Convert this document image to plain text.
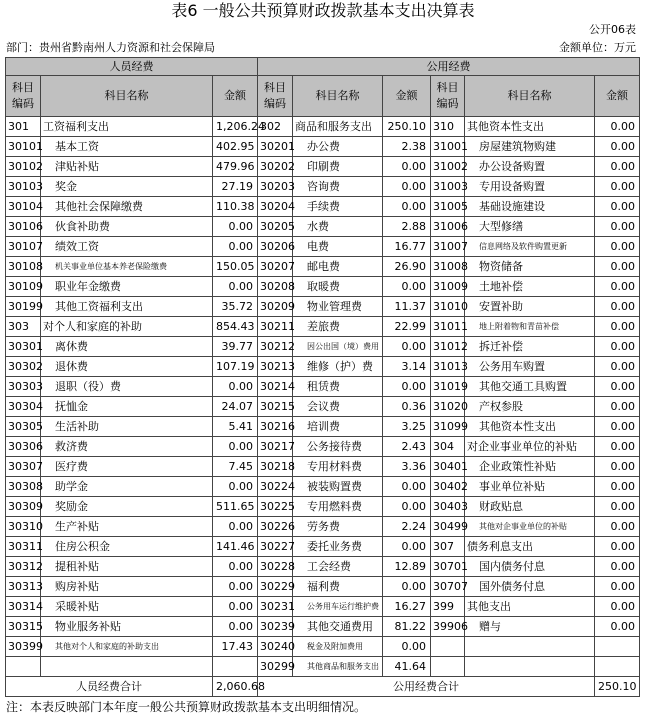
表6 一般公共预算财政拨款基本支出决算表
公开06表
部门：贵州省黔南州人力资源和社会保障局	金额单位：万元
人员经费			公用经费					
科目编码	科目名称	金额	科目编码	科目名称	金额	科目编码	科目名称	金额
301	工资福利支出	1,206.24	302	商品和服务支出	250.10	310	其他资本性支出	0.00
30101	基本工资	402.95	30201	办公费	2.38	31001	房屋建筑物购建	0.00
30102	津贴补贴	479.96	30202	印刷费	0.00	31002	办公设备购置	0.00
30103	奖金	27.19	30203	咨询费	0.00	31003	专用设备购置	0.00
30104	其他社会保障缴费	110.38	30204	手续费	0.00	31005	基础设施建设	0.00
30106	伙食补助费	0.00	30205	水费	2.88	31006	大型修缮	0.00
30107	绩效工资	0.00	30206	电费	16.77	31007	信息网络及软件购置更新	0.00
30108	机关事业单位基本养老保险缴费	150.05	30207	邮电费	26.90	31008	物资储备	0.00
30109	职业年金缴费	0.00	30208	取暖费	0.00	31009	土地补偿	0.00
30199	其他工资福利支出	35.72	30209	物业管理费	11.37	31010	安置补助	0.00
303	对个人和家庭的补助	854.43	30211	差旅费	22.99	31011	地上附着物和青苗补偿	0.00
30301	离休费	39.77	30212	因公出国（境）费用	0.00	31012	拆迁补偿	0.00
30302	退休费	107.19	30213	维修（护）费	3.14	31013	公务用车购置	0.00
30303	退职（役）费	0.00	30214	租赁费	0.00	31019	其他交通工具购置	0.00
30304	抚恤金	24.07	30215	会议费	0.36	31020	产权参股	0.00
30305	生活补助	5.41	30216	培训费	3.25	31099	其他资本性支出	0.00
30306	救济费	0.00	30217	公务接待费	2.43	304	对企业事业单位的补贴	0.00
30307	医疗费	7.45	30218	专用材料费	3.36	30401	企业政策性补贴	0.00
30308	助学金	0.00	30224	被装购置费	0.00	30402	事业单位补贴	0.00
30309	奖励金	511.65	30225	专用燃料费	0.00	30403	财政贴息	0.00
30310	生产补贴	0.00	30226	劳务费	2.24	30499	其他对企事业单位的补贴	0.00
30311	住房公积金	141.46	30227	委托业务费	0.00	307	债务利息支出	0.00
30312	提租补贴	0.00	30228	工会经费	12.89	30701	国内债务付息	0.00
30313	购房补贴	0.00	30229	福利费	0.00	30707	国外债务付息	0.00
30314	采暖补贴	0.00	30231	公务用车运行维护费	16.27	399	其他支出	0.00
30315	物业服务补贴	0.00	30239	其他交通费用	81.22	39906	赠与	0.00
30399	其他对个人和家庭的补助支出	17.43	30240	税金及附加费用	0.00			
			30299	其他商品和服务支出	41.64			
人员经费合计		2,060.68	公用经费合计					250.10
注：本表反映部门本年度一般公共预算财政拨款基本支出明细情况。
